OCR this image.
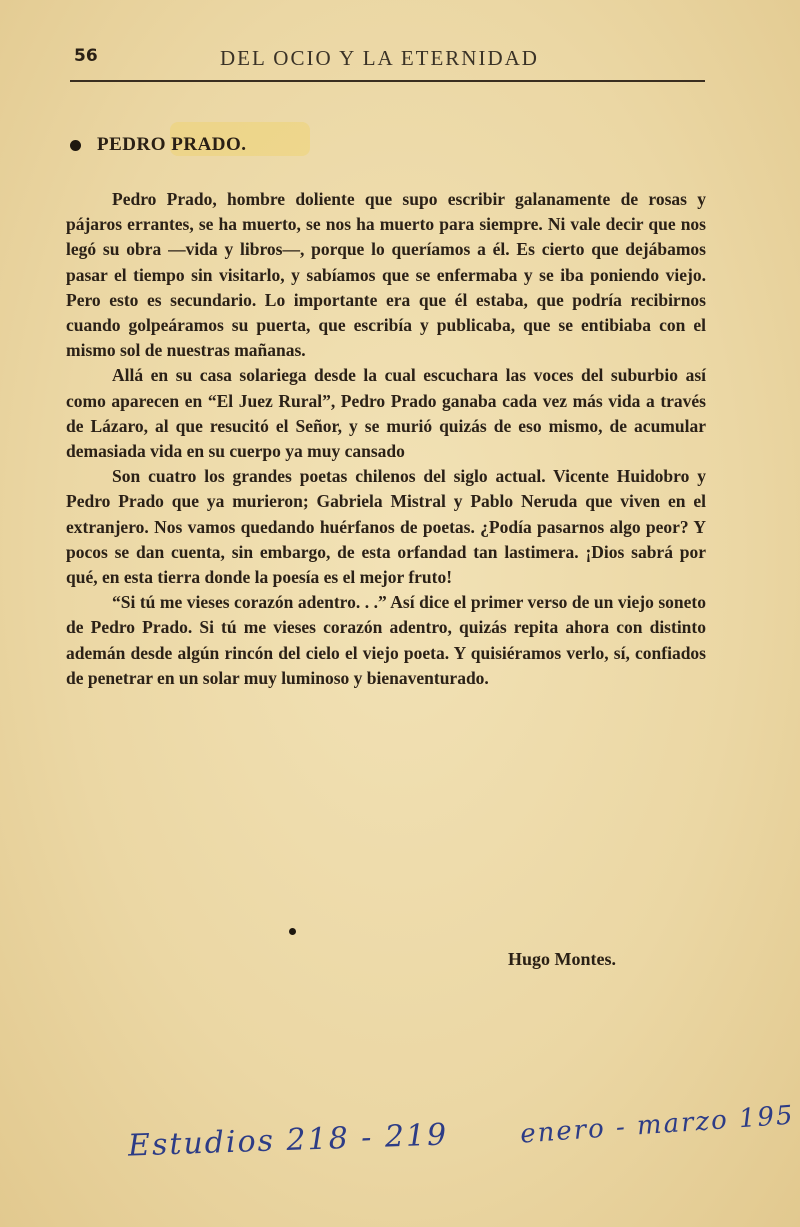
56	DEL OCIO Y LA ETERNIDAD
PEDRO PRADO.

Pedro Prado, hombre doliente que supo escribir galanamente de rosas y pájaros errantes, se ha muerto, se nos ha muerto para siempre. Ni vale decir que nos legó su obra —vida y libros—, porque lo queríamos a él. Es cierto que dejábamos pasar el tiempo sin visitarlo, y sabíamos que se enfermaba y se iba poniendo viejo. Pero esto es secundario. Lo importante era que él estaba, que podría recibirnos cuando golpeáramos su puerta, que escribía y publicaba, que se entibiaba con el mismo sol de nuestras mañanas.

Allá en su casa solariega desde la cual escuchara las voces del suburbio así como aparecen en “El Juez Rural”, Pedro Prado ganaba cada vez más vida a través de Lázaro, al que resucitó el Señor, y se murió quizás de eso mismo, de acumular demasiada vida en su cuerpo ya muy cansado

Son cuatro los grandes poetas chilenos del siglo actual. Vicente Huidobro y Pedro Prado que ya murieron; Gabriela Mistral y Pablo Neruda que viven en el extranjero. Nos vamos quedando huérfanos de poetas. ¿Podía pasarnos algo peor? Y pocos se dan cuenta, sin embargo, de esta orfandad tan lastimera. ¡Dios sabrá por qué, en esta tierra donde la poesía es el mejor fruto!

“Si tú me vieses corazón adentro. . .” Así dice el primer verso de un viejo soneto de Pedro Prado. Si tú me vieses corazón adentro, quizás repita ahora con distinto ademán desde algún rincón del cielo el viejo poeta. Y quisiéramos verlo, sí, confiados de penetrar en un solar muy luminoso y bienaventurado.

Hugo Montes.
Estudios 218 - 219	enero - marzo 195
